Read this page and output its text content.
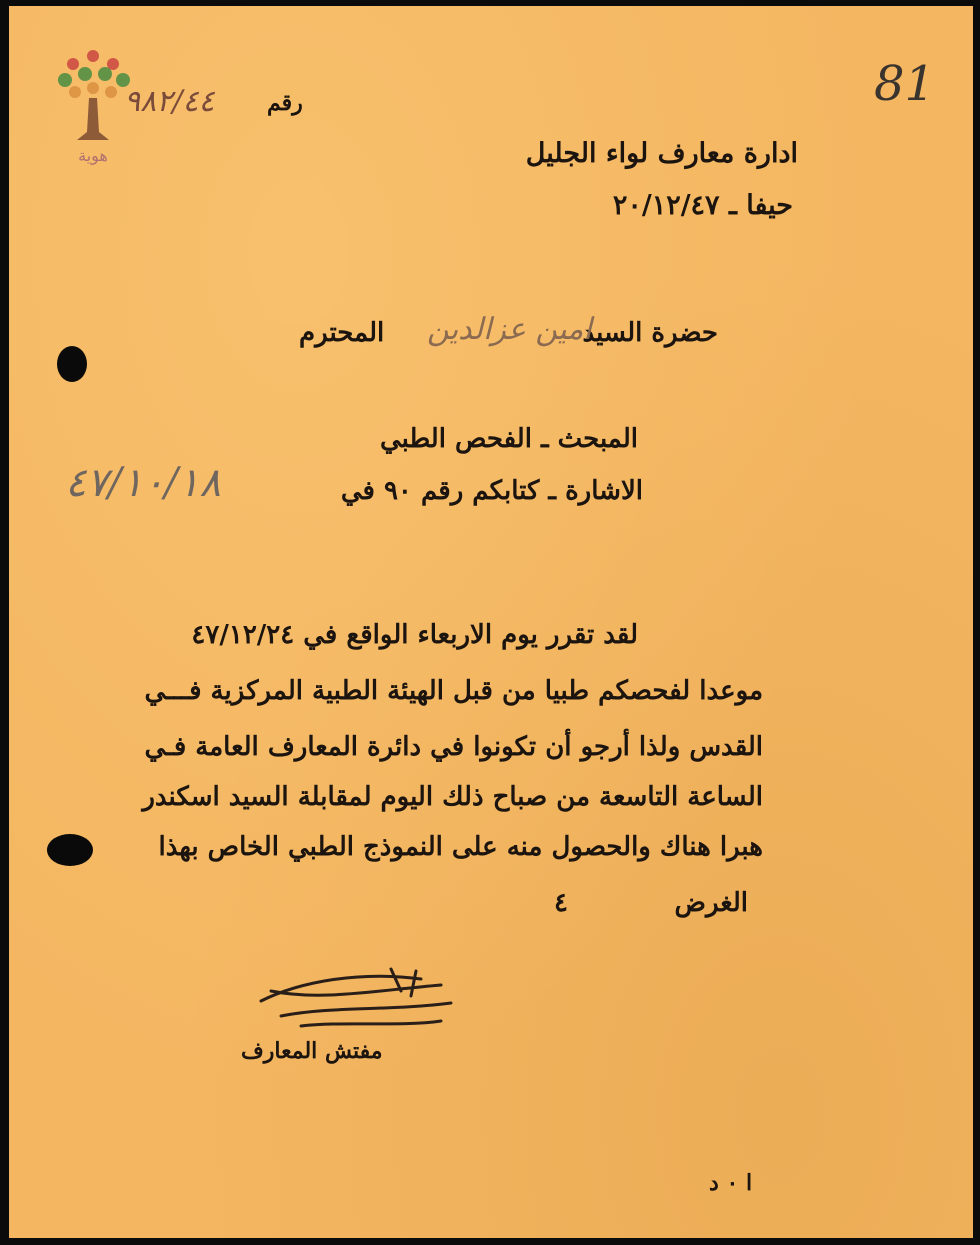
هوية
81
رقم
٩٨٢/٤٤
ادارة معارف لواء الجليل
حيفا ـ ٢٠/١٢/٤٧
حضرة السيد
امين عزالدين
المحترم
المبحث ـ الفحص الطبي
الاشارة ـ كتابكم رقم ٩٠ في
٤٧/١٠/١٨
لقد تقرر يوم الاربعاء الواقع في ٤٧/١٢/٢٤
موعدا لفحصكم طبيا من قبل الهيئة الطبية المركزية فـــي
القدس ولذا أرجو أن تكونوا في دائرة المعارف العامة فـي
الساعة التاسعة من صباح ذلك اليوم لمقابلة السيد اسكندر
هبرا هناك والحصول منه على النموذج الطبي الخاص بهذا
الغرض
٤
مفتش المعارف
ا ٠ د
